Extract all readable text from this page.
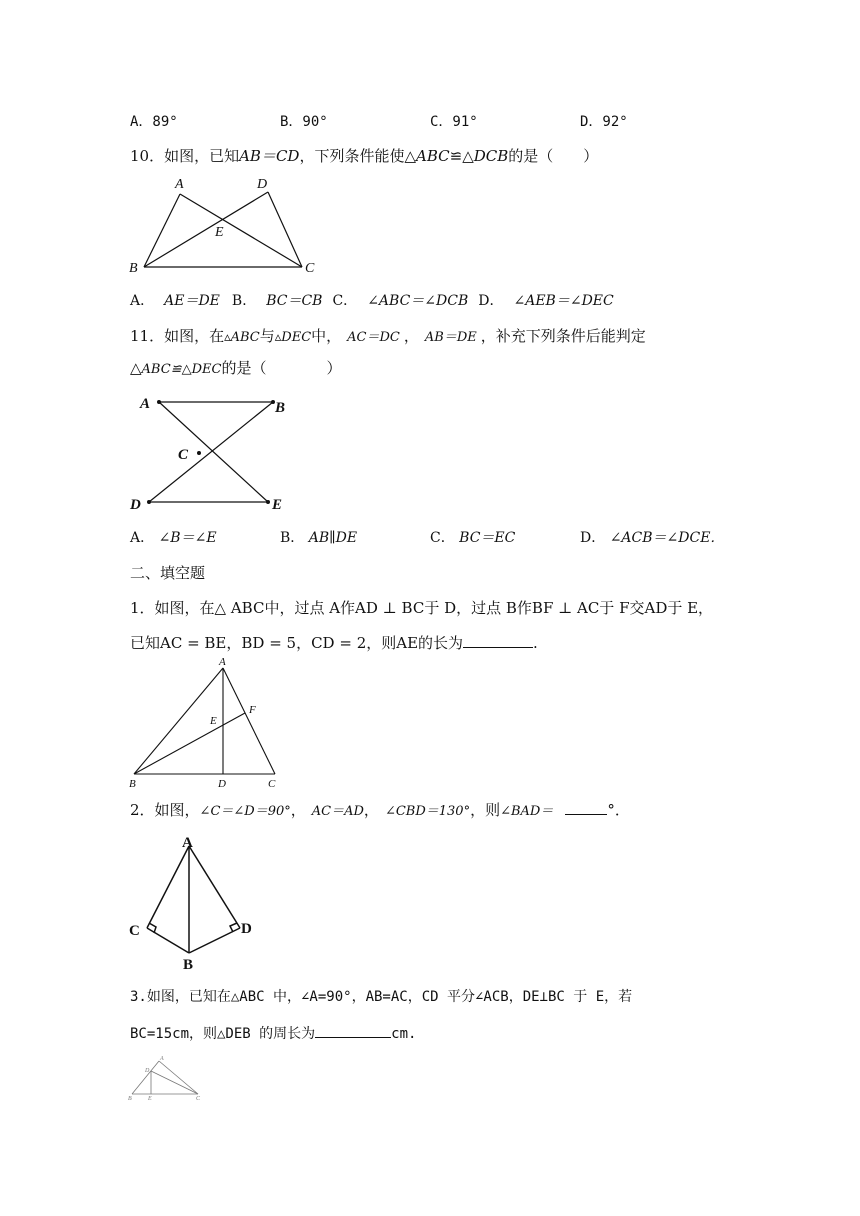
A．89°	B．90°	C．91°	D．92°
10．如图，已知AB＝CD，下列条件能使△ABC≌△DCB的是（　　）
A	D
E
B	C
A． AE＝DE B． BC＝CB C． ∠ABC＝∠DCB D． ∠AEB＝∠DEC
11．如图，在▵ABC与▵DEC中， AC＝DC ， AB＝DE ，补充下列条件后能判定
△ABC≌△DEC的是（　　　　）
A	B
C
D	E
A． ∠B＝∠E	B． AB∥DE	C． BC＝EC	D． ∠ACB＝∠DCE．
二、填空题
1．如图，在△ ABC中，过点 A作AD ⊥ BC于 D，过点 B作BF ⊥ AC于 F交AD于 E，
已知AC = BE，BD = 5，CD = 2，则AE的长为	.
A
E
F
B	D	C
2．如图，∠C＝∠D＝90°， AC＝AD， ∠CBD＝130°，则∠BAD＝	°．
A
C	D
B
3.如图，已知在△ABC 中，∠A=90°，AB=AC，CD 平分∠ACB，DE⊥BC 于 E，若
BC=15cm，则△DEB 的周长为	cm.
A
D
B	E	C
